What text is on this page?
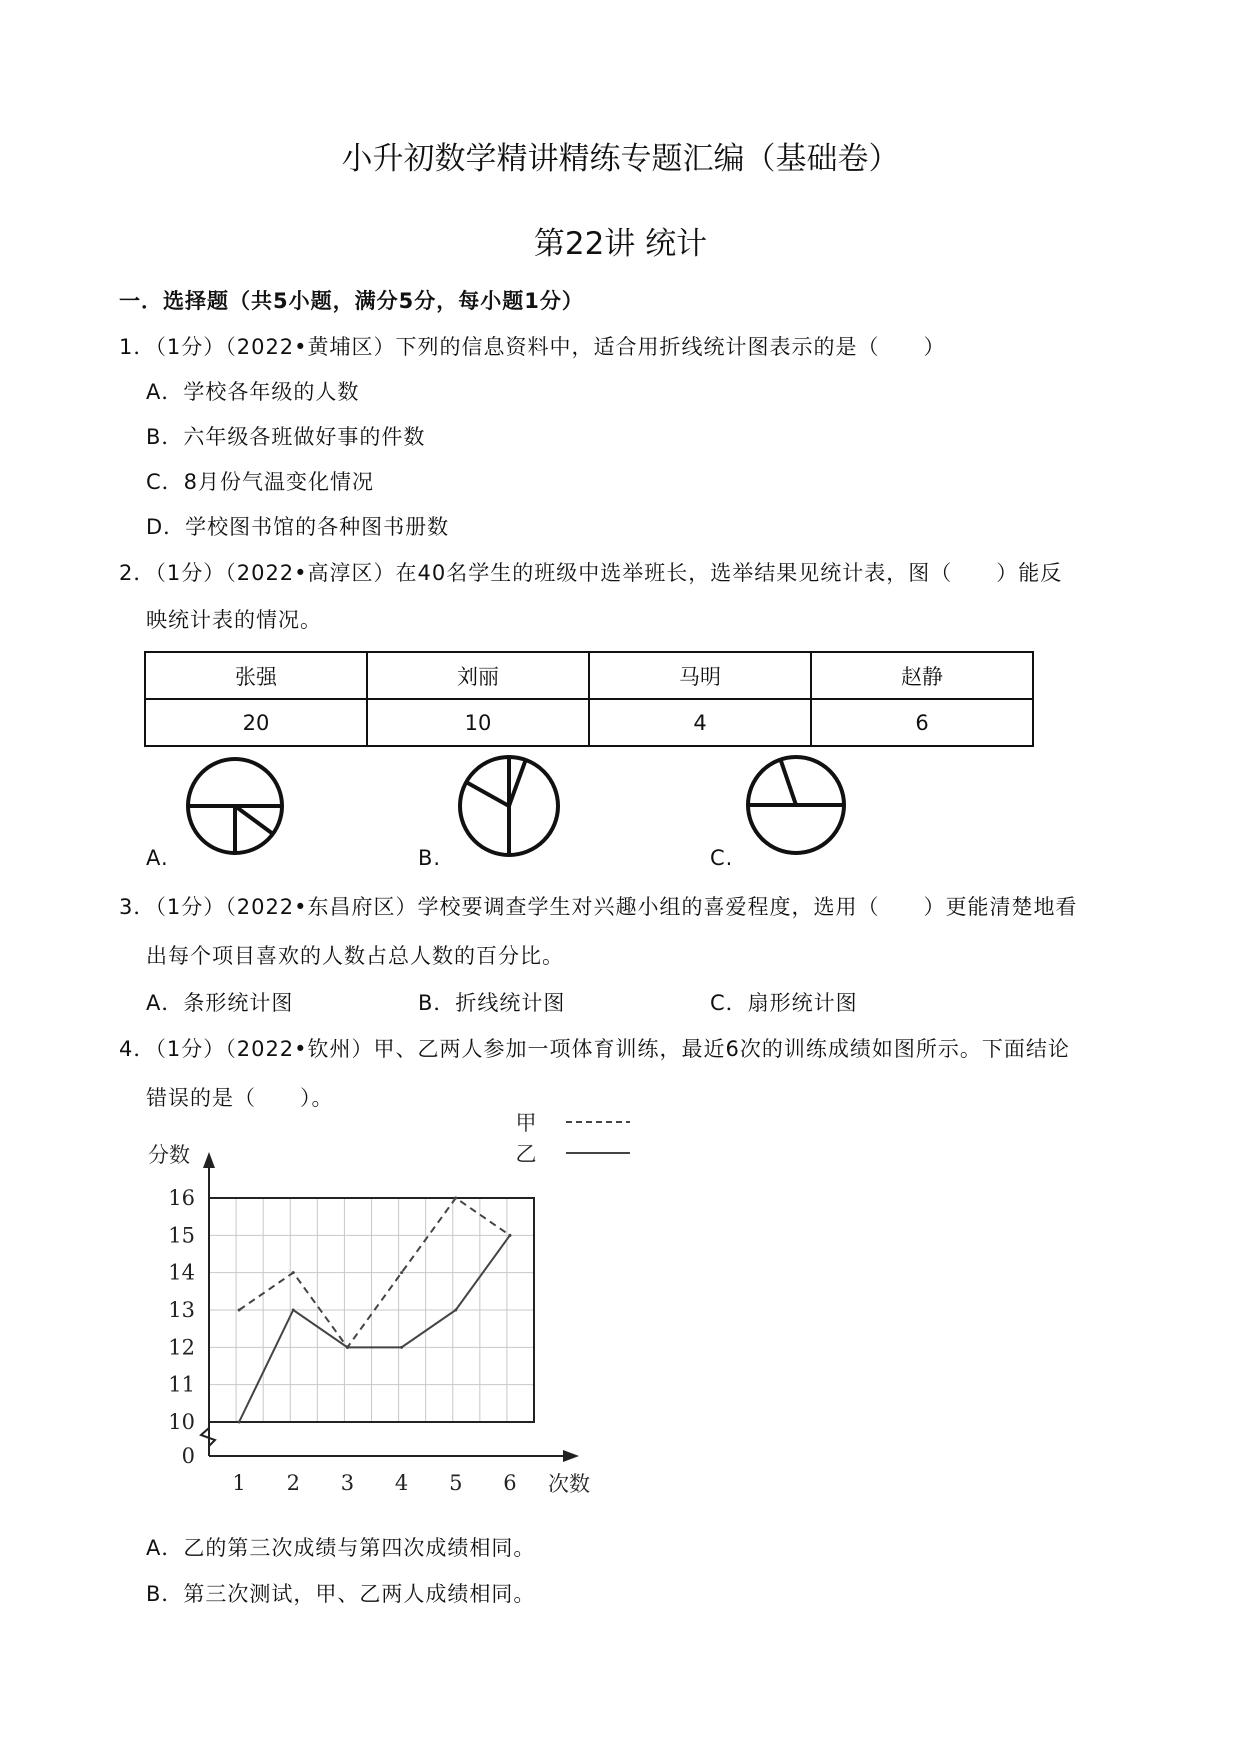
小升初数学精讲精练专题汇编（基础卷）
第22讲 统计
一．选择题（共5小题，满分5分，每小题1分）
1．（1分）（2022•黄埔区）下列的信息资料中，适合用折线统计图表示的是（　　）
A．学校各年级的人数
B．六年级各班做好事的件数
C．8月份气温变化情况
D．学校图书馆的各种图书册数
2．（1分）（2022•高淳区）在40名学生的班级中选举班长，选举结果见统计表，图（　　）能反
映统计表的情况。
张强	刘丽	马明	赵静
20	10	4	6
A.	B.	C.
3．（1分）（2022•东昌府区）学校要调查学生对兴趣小组的喜爱程度，选用（　　）更能清楚地看
出每个项目喜欢的人数占总人数的百分比。
A．条形统计图	B．折线统计图	C．扇形统计图
4．（1分）（2022•钦州）甲、乙两人参加一项体育训练，最近6次的训练成绩如图所示。下面结论
错误的是（　　）。
0
10
11
12
13
14
15
16
1 2 3 4 5 6
分数
次数
甲
乙
A．乙的第三次成绩与第四次成绩相同。
B．第三次测试，甲、乙两人成绩相同。
